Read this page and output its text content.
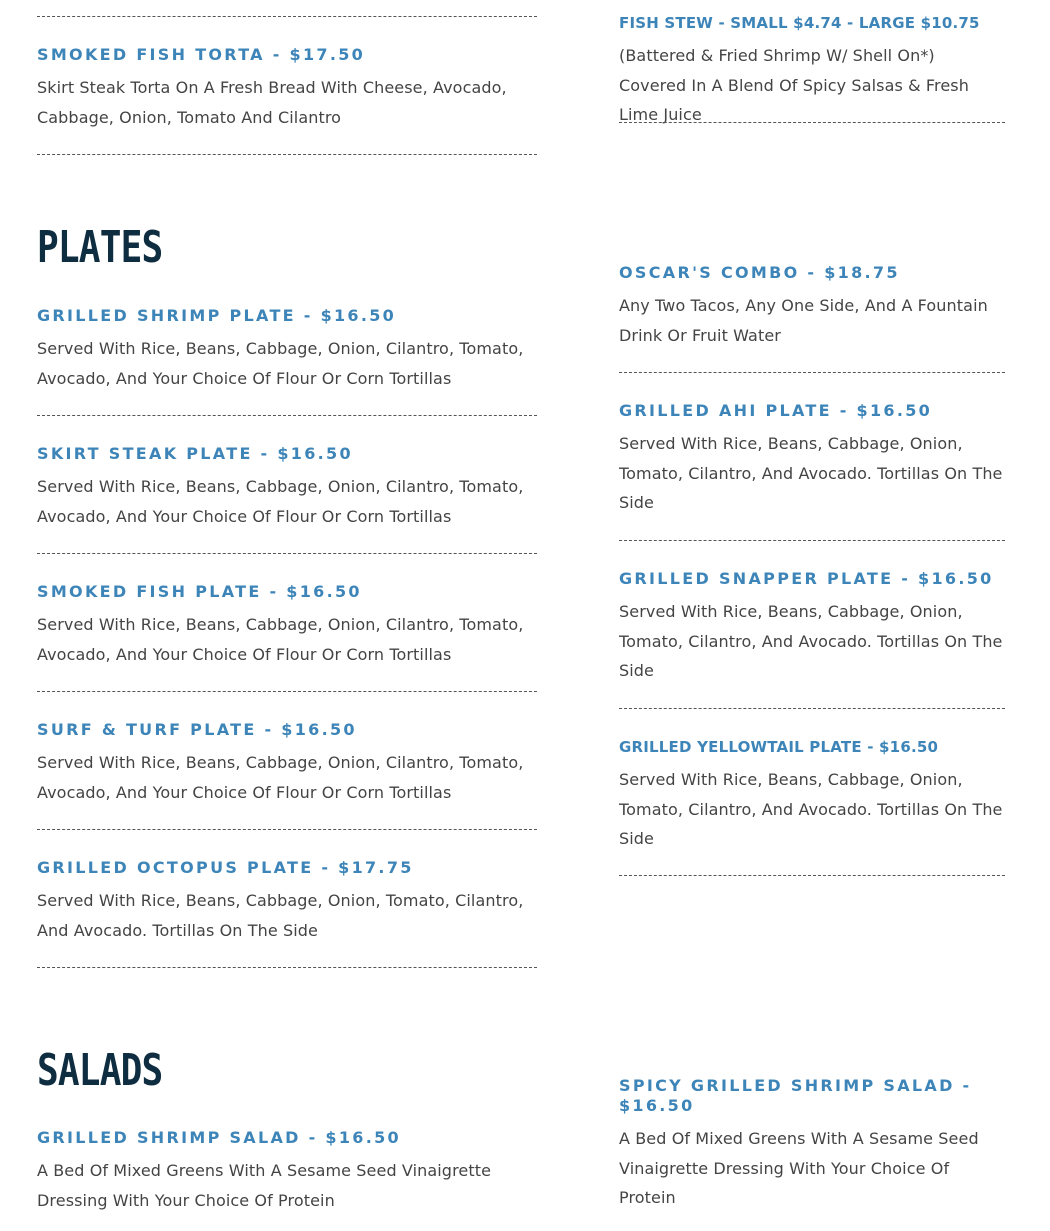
SMOKED FISH TORTA - $17.50

Skirt Steak Torta On A Fresh Bread With Cheese, Avocado, Cabbage, Onion, Tomato And Cilantro

FISH STEW - SMALL $4.74 - LARGE $10.75

(Battered & Fried Shrimp W/ Shell On*) Covered In A Blend Of Spicy Salsas & Fresh Lime Juice

PLATES
GRILLED SHRIMP PLATE - $16.50

Served With Rice, Beans, Cabbage, Onion, Cilantro, Tomato, Avocado, And Your Choice Of Flour Or Corn Tortillas

SKIRT STEAK PLATE - $16.50

Served With Rice, Beans, Cabbage, Onion, Cilantro, Tomato, Avocado, And Your Choice Of Flour Or Corn Tortillas

SMOKED FISH PLATE - $16.50

Served With Rice, Beans, Cabbage, Onion, Cilantro, Tomato, Avocado, And Your Choice Of Flour Or Corn Tortillas

SURF & TURF PLATE - $16.50

Served With Rice, Beans, Cabbage, Onion, Cilantro, Tomato, Avocado, And Your Choice Of Flour Or Corn Tortillas

GRILLED OCTOPUS PLATE - $17.75

Served With Rice, Beans, Cabbage, Onion, Tomato, Cilantro, And Avocado. Tortillas On The Side

OSCAR'S COMBO - $18.75

Any Two Tacos, Any One Side, And A Fountain Drink Or Fruit Water

GRILLED AHI PLATE - $16.50

Served With Rice, Beans, Cabbage, Onion, Tomato, Cilantro, And Avocado. Tortillas On The Side

GRILLED SNAPPER PLATE - $16.50

Served With Rice, Beans, Cabbage, Onion, Tomato, Cilantro, And Avocado. Tortillas On The Side

GRILLED YELLOWTAIL PLATE - $16.50

Served With Rice, Beans, Cabbage, Onion, Tomato, Cilantro, And Avocado. Tortillas On The Side

SALADS
GRILLED SHRIMP SALAD - $16.50

A Bed Of Mixed Greens With A Sesame Seed Vinaigrette Dressing With Your Choice Of Protein

SPICY GRILLED SHRIMP SALAD - $16.50

A Bed Of Mixed Greens With A Sesame Seed Vinaigrette Dressing With Your Choice Of Protein
